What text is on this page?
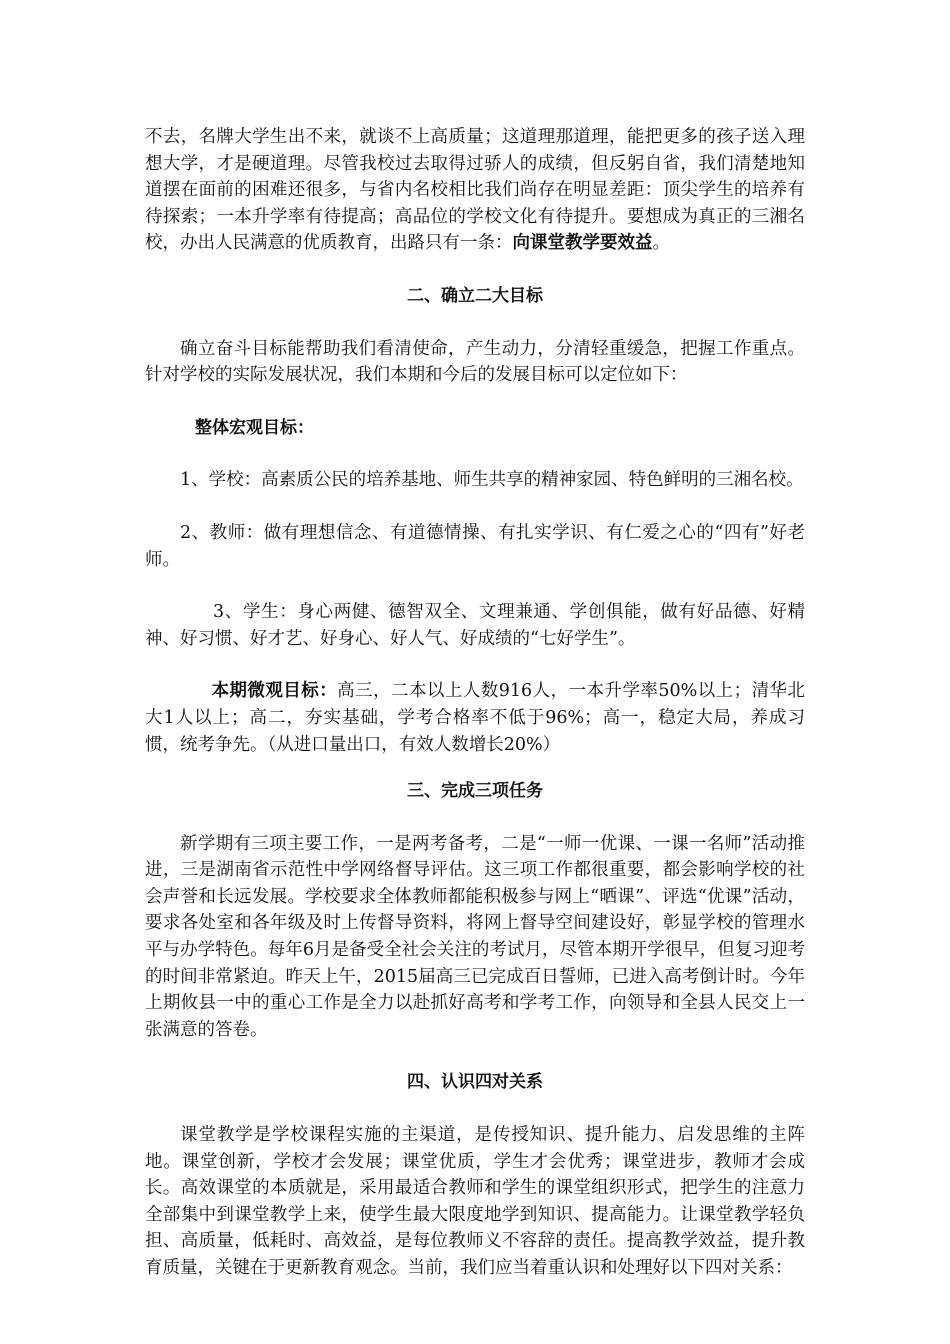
不去，名牌大学生出不来，就谈不上高质量；这道理那道理，能把更多的孩子送入理想大学，才是硬道理。尽管我校过去取得过骄人的成绩，但反躬自省，我们清楚地知道摆在面前的困难还很多，与省内名校相比我们尚存在明显差距：顶尖学生的培养有待探索；一本升学率有待提高；高品位的学校文化有待提升。要想成为真正的三湘名校，办出人民满意的优质教育，出路只有一条：向课堂教学要效益。

二、确立二大目标

确立奋斗目标能帮助我们看清使命，产生动力，分清轻重缓急，把握工作重点。针对学校的实际发展状况，我们本期和今后的发展目标可以定位如下：

整体宏观目标：

1、学校：高素质公民的培养基地、师生共享的精神家园、特色鲜明的三湘名校。

2、教师：做有理想信念、有道德情操、有扎实学识、有仁爱之心的“四有”好老师。

3、学生：身心两健、德智双全、文理兼通、学创俱能，做有好品德、好精神、好习惯、好才艺、好身心、好人气、好成绩的“七好学生”。

本期微观目标：高三，二本以上人数916人，一本升学率50%以上；清华北大1人以上；高二，夯实基础，学考合格率不低于96%；高一，稳定大局，养成习惯，统考争先。（从进口量出口，有效人数增长20%）

三、完成三项任务

新学期有三项主要工作，一是两考备考，二是“一师一优课、一课一名师”活动推进，三是湖南省示范性中学网络督导评估。这三项工作都很重要，都会影响学校的社会声誉和长远发展。学校要求全体教师都能积极参与网上“晒课”、评选“优课”活动，要求各处室和各年级及时上传督导资料，将网上督导空间建设好，彰显学校的管理水平与办学特色。每年6月是备受全社会关注的考试月，尽管本期开学很早，但复习迎考的时间非常紧迫。昨天上午，2015届高三已完成百日誓师，已进入高考倒计时。今年上期攸县一中的重心工作是全力以赴抓好高考和学考工作，向领导和全县人民交上一张满意的答卷。

四、认识四对关系

课堂教学是学校课程实施的主渠道，是传授知识、提升能力、启发思维的主阵地。课堂创新，学校才会发展；课堂优质，学生才会优秀；课堂进步，教师才会成长。高效课堂的本质就是，采用最适合教师和学生的课堂组织形式，把学生的注意力全部集中到课堂教学上来，使学生最大限度地学到知识、提高能力。让课堂教学轻负担、高质量，低耗时、高效益，是每位教师义不容辞的责任。提高教学效益，提升教育质量，关键在于更新教育观念。当前，我们应当着重认识和处理好以下四对关系：
